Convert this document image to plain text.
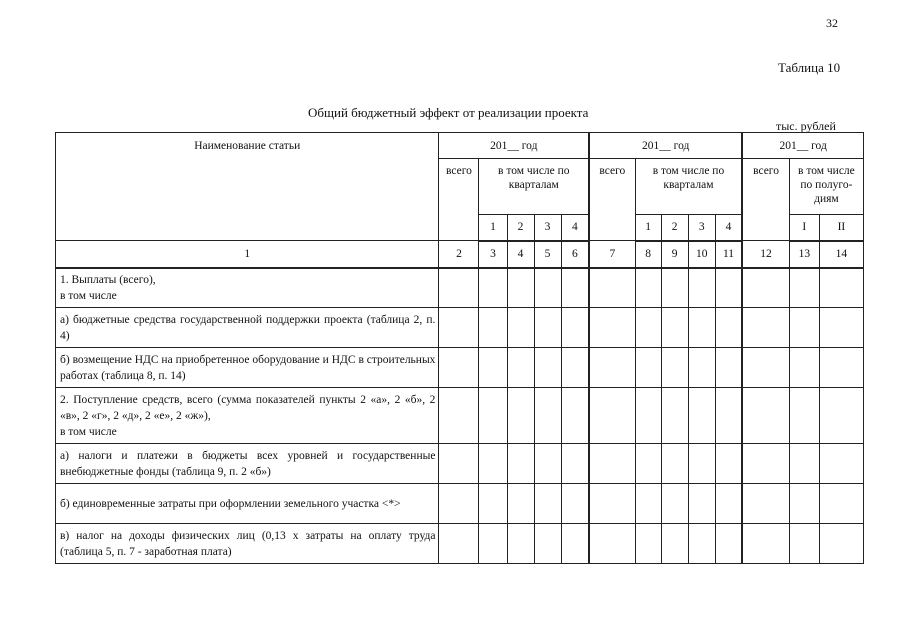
32
Таблица 10
Общий бюджетный эффект от реализации проекта
тыс. рублей
Наименование статьи	201__ год					201__ год					201__ год		
	всего	в том числе по кварталам				всего	в том числе по кварталам				всего	в том числе по полуго-диям	
		1	2	3	4		1	2	3	4		I	II
1	2	3	4	5	6	7	8	9	10	11	12	13	14
1. Выплаты (всего),
в том числе													
а) бюджетные средства государственной поддержки проекта (таблица 2, п. 4)													
б) возмещение НДС на приобретенное оборудование и НДС в строительных работах (таблица 8, п. 14)													
2. Поступление средств, всего (сумма показателей пункты 2 «а», 2 «б», 2 «в», 2 «г», 2 «д», 2 «е», 2 «ж»),
в том числе													
а) налоги и платежи в бюджеты всех уровней и государственные внебюджетные фонды (таблица 9, п. 2 «б»)													
б) единовременные затраты при оформлении земельного участка <*>													
в) налог на доходы физических лиц (0,13 x затраты на оплату труда (таблица 5, п. 7 - заработная плата)													
